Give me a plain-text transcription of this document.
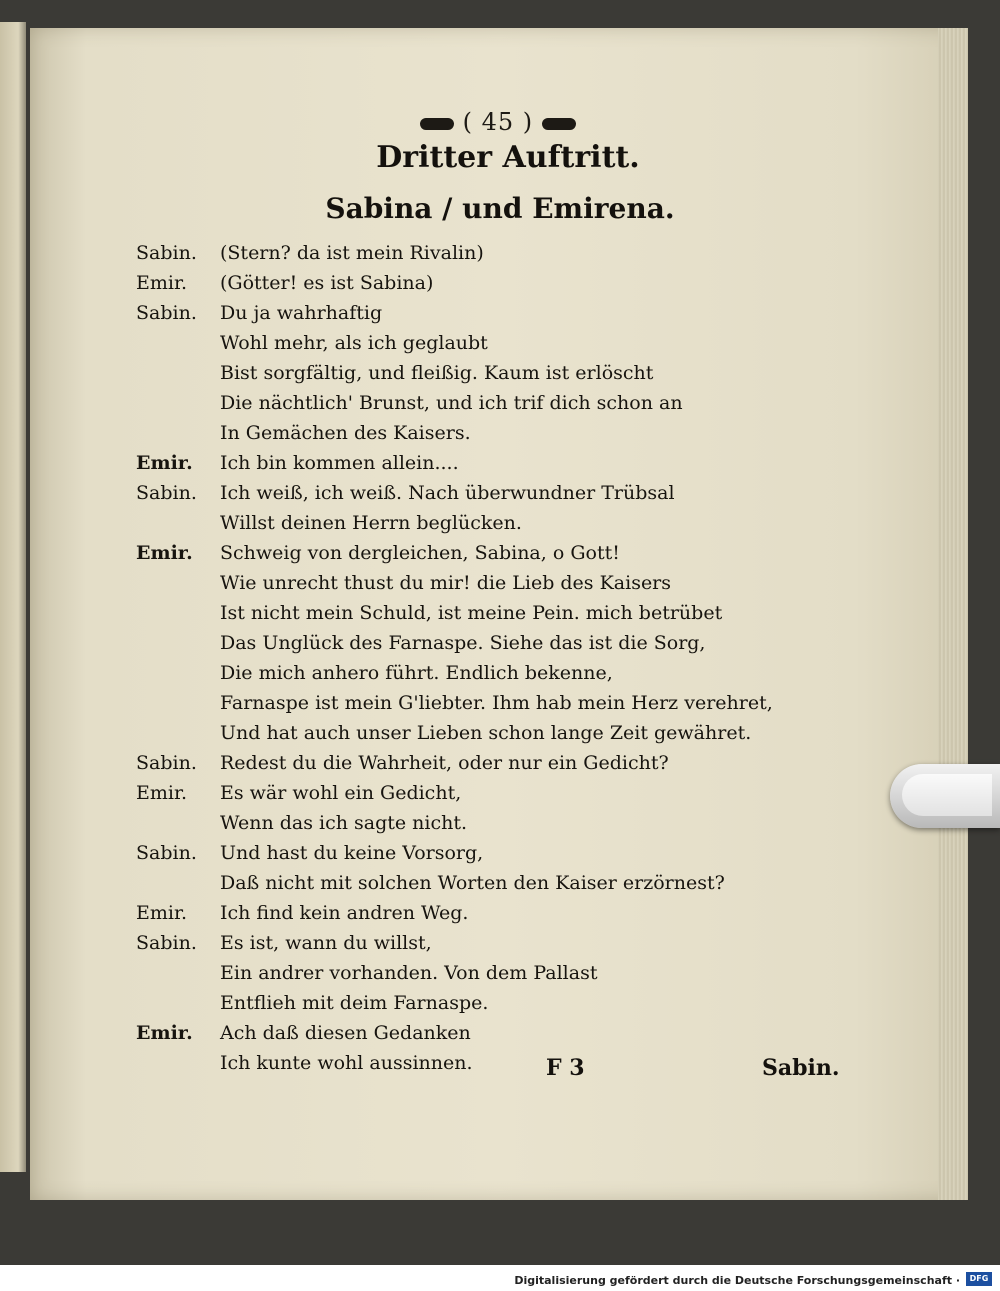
( 45 )
Dritter Auftritt.
Sabina / und Emirena.
Sabin.	(Stern? da ist mein Rivalin)
Emir.	(Götter! es ist Sabina)
Sabin.	Du ja wahrhaftig
Wohl mehr, als ich geglaubt
Bist sorgfältig, und fleißig. Kaum ist erlöscht
Die nächtlich' Brunst, und ich trif dich schon an
In Gemächen des Kaisers.
Emir.	Ich bin kommen allein....
Sabin.	Ich weiß, ich weiß. Nach überwundner Trübsal
Willst deinen Herrn beglücken.
Emir.	Schweig von dergleichen, Sabina, o Gott!
Wie unrecht thust du mir! die Lieb des Kaisers
Ist nicht mein Schuld, ist meine Pein. mich betrübet
Das Unglück des Farnaspe. Siehe das ist die Sorg,
Die mich anhero führt. Endlich bekenne,
Farnaspe ist mein G'liebter. Ihm hab mein Herz verehret,
Und hat auch unser Lieben schon lange Zeit gewähret.
Sabin.	Redest du die Wahrheit, oder nur ein Gedicht?
Emir.	Es wär wohl ein Gedicht,
Wenn das ich sagte nicht.
Sabin.	Und hast du keine Vorsorg,
Daß nicht mit solchen Worten den Kaiser erzörnest?
Emir.	Ich find kein andren Weg.
Sabin.	Es ist, wann du willst,
Ein andrer vorhanden. Von dem Pallast
Entflieh mit deim Farnaspe.
Emir.	Ach daß diesen Gedanken
Ich kunte wohl aussinnen.	F 3	Sabin.
Digitalisierung gefördert durch die Deutsche Forschungsgemeinschaft ·	DFG
